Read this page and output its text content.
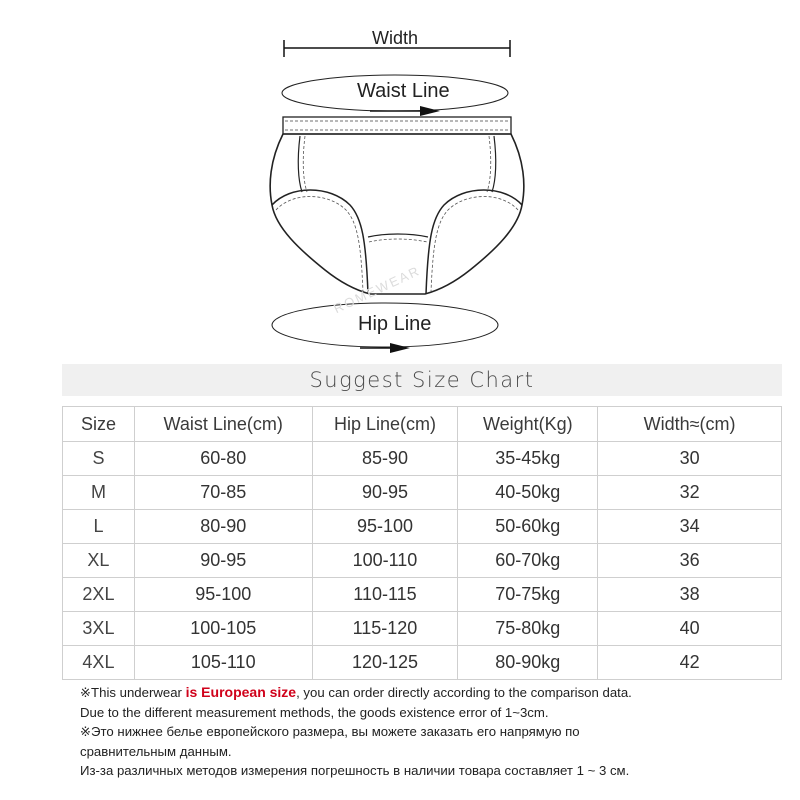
Width
Waist Line
Hip Line
ROMEWEAR
Suggest Size Chart
Size	Waist Line(cm)	Hip Line(cm)	Weight(Kg)	Width≈(cm)
S	60-80	85-90	35-45kg	30
M	70-85	90-95	40-50kg	32
L	80-90	95-100	50-60kg	34
XL	90-95	100-110	60-70kg	36
2XL	95-100	110-115	70-75kg	38
3XL	100-105	115-120	75-80kg	40
4XL	105-110	120-125	80-90kg	42

※This underwear is European size, you can order directly according to the comparison data.

Due to the different measurement methods, the goods existence error of 1~3cm.

※Это нижнее белье европейского размера, вы можете заказать его напрямую по

сравнительным данным.

Из-за различных методов измерения погрешность в наличии товара составляет 1 ~ 3 см.
